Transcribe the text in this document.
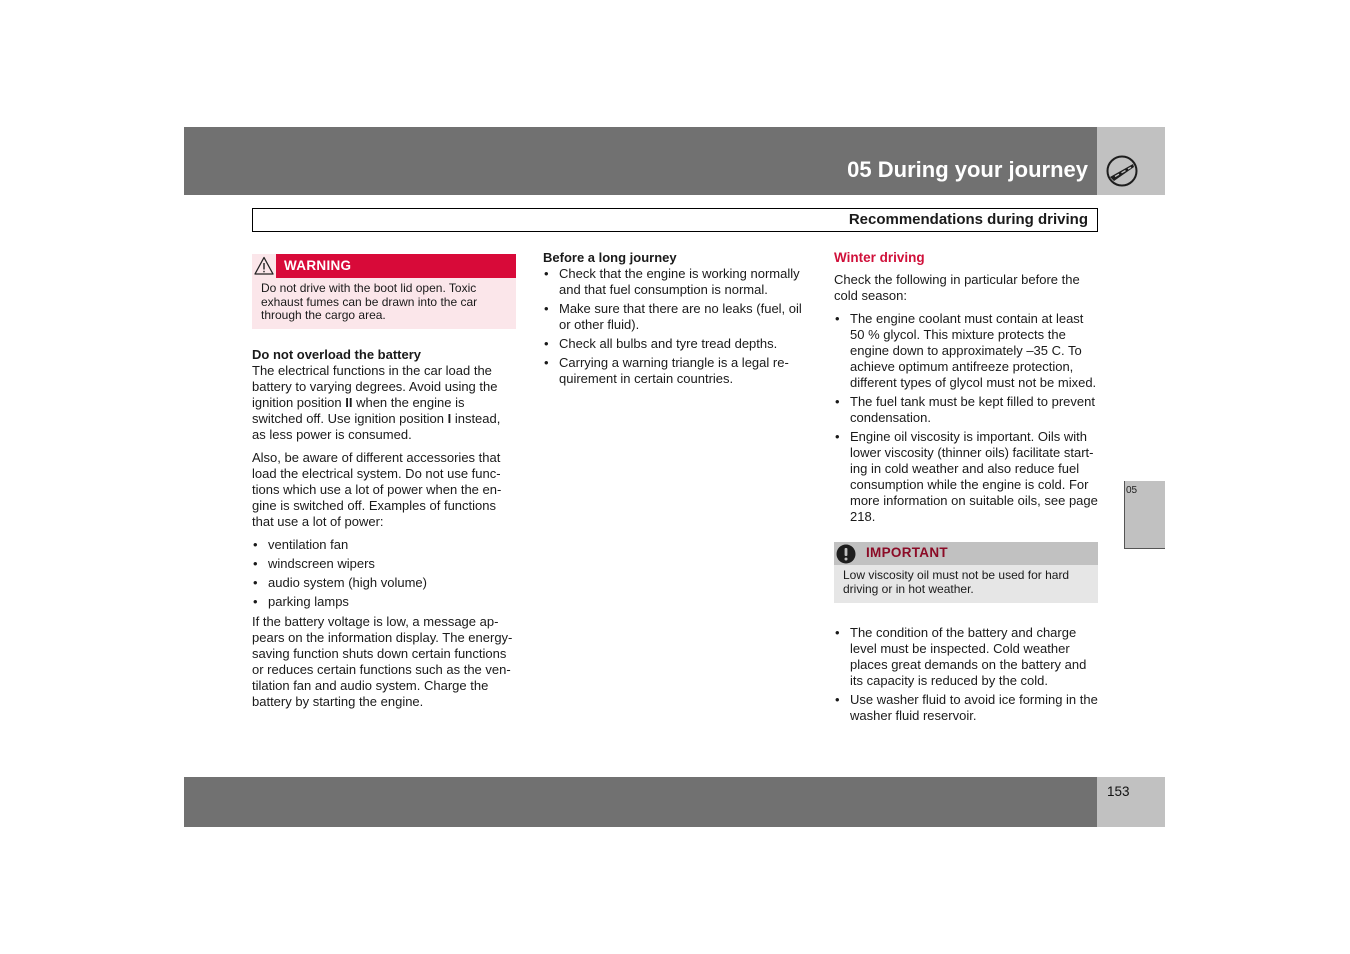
05 During your journey
Recommendations during driving
WARNING
Do not drive with the boot lid open. Toxic exhaust fumes can be drawn into the car through the cargo area.
Do not overload the battery

The electrical functions in the car load the battery to varying degrees. Avoid using the ignition position II when the engine is switched off. Use ignition position I instead, as less power is consumed.

Also, be aware of different accessories that load the electrical system. Do not use func-tions which use a lot of power when the en-gine is switched off. Examples of functions that use a lot of power:

• ventilation fan
• windscreen wipers
• audio system (high volume)
• parking lamps

If the battery voltage is low, a message ap-pears on the information display. The energy-saving function shuts down certain functions or reduces certain functions such as the ven-tilation fan and audio system. Charge the battery by starting the engine.

Before a long journey
• Check that the engine is working normally and that fuel consumption is normal.
• Make sure that there are no leaks (fuel, oil or other fluid).
• Check all bulbs and tyre tread depths.
• Carrying a warning triangle is a legal re-quirement in certain countries.
Winter driving

Check the following in particular before the cold season:

• The engine coolant must contain at least 50 % glycol. This mixture protects the engine down to approximately –35 C. To achieve optimum antifreeze protection, different types of glycol must not be mixed.
• The fuel tank must be kept filled to prevent condensation.
• Engine oil viscosity is important. Oils with lower viscosity (thinner oils) facilitate start-ing in cold weather and also reduce fuel consumption while the engine is cold. For more information on suitable oils, see page 218.
IMPORTANT
Low viscosity oil must not be used for hard driving or in hot weather.
• The condition of the battery and charge level must be inspected. Cold weather places great demands on the battery and its capacity is reduced by the cold.
• Use washer fluid to avoid ice forming in the washer fluid reservoir.
05
153
